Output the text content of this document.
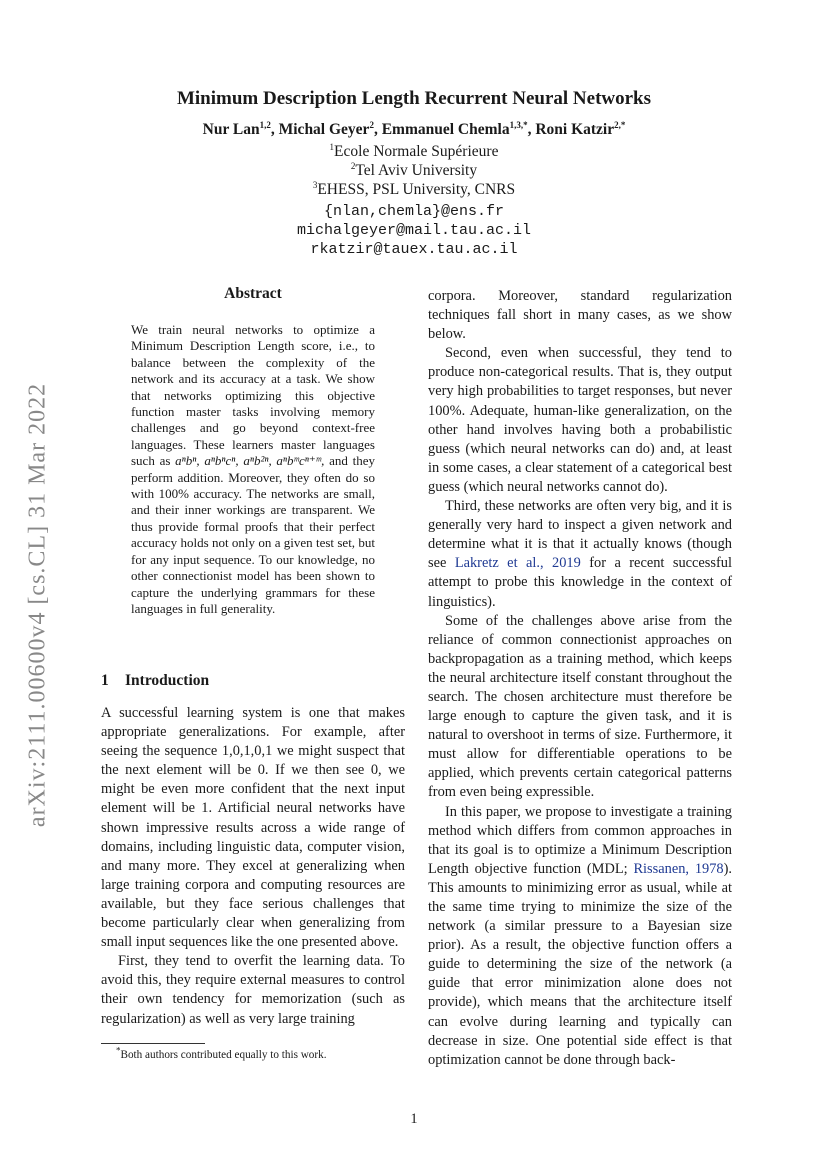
arXiv:2111.00600v4 [cs.CL] 31 Mar 2022
Minimum Description Length Recurrent Neural Networks
Nur Lan$^{1,2}$, Michal Geyer$^2$, Emmanuel Chemla$^{1,3,*}$, Roni Katzir$^{2,*}$
$^1$Ecole Normale Supérieure
$^2$Tel Aviv University
$^3$EHESS, PSL University, CNRS
{nlan,chemla}@ens.fr
michalgeyer@mail.tau.ac.il
rkatzir@tauex.tau.ac.il
Abstract
We train neural networks to optimize a Minimum Description Length score, i.e., to balance between the complexity of the network and its accuracy at a task. We show that networks optimizing this objective function master tasks involving memory challenges and go beyond context-free languages. These learners master languages such as aⁿbⁿ, aⁿbⁿcⁿ, aⁿb²ⁿ, aⁿbᵐcⁿ⁺ᵐ, and they perform addition. Moreover, they often do so with 100% accuracy. The networks are small, and their inner workings are transparent. We thus provide formal proofs that their perfect accuracy holds not only on a given test set, but for any input sequence. To our knowledge, no other connectionist model has been shown to capture the underlying grammars for these languages in full generality.
1 Introduction

A successful learning system is one that makes appropriate generalizations. For example, after seeing the sequence 1,0,1,0,1 we might suspect that the next element will be 0. If we then see 0, we might be even more confident that the next input element will be 1. Artificial neural networks have shown impressive results across a wide range of domains, including linguistic data, computer vision, and many more. They excel at generalizing when large training corpora and computing resources are available, but they face serious challenges that become particularly clear when generalizing from small input sequences like the one presented above.

First, they tend to overfit the learning data. To avoid this, they require external measures to control their own tendency for memorization (such as regularization) as well as very large training

corpora. Moreover, standard regularization techniques fall short in many cases, as we show below.

Second, even when successful, they tend to produce non-categorical results. That is, they output very high probabilities to target responses, but never 100%. Adequate, human-like generalization, on the other hand involves having both a probabilistic guess (which neural networks can do) and, at least in some cases, a clear statement of a categorical best guess (which neural networks cannot do).

Third, these networks are often very big, and it is generally very hard to inspect a given network and determine what it is that it actually knows (though see Lakretz et al., 2019 for a recent successful attempt to probe this knowledge in the context of linguistics).

Some of the challenges above arise from the reliance of common connectionist approaches on backpropagation as a training method, which keeps the neural architecture itself constant throughout the search. The chosen architecture must therefore be large enough to capture the given task, and it is natural to overshoot in terms of size. Furthermore, it must allow for differentiable operations to be applied, which prevents certain categorical patterns from even being expressible.

In this paper, we propose to investigate a training method which differs from common approaches in that its goal is to optimize a Minimum Description Length objective function (MDL; Rissanen, 1978). This amounts to minimizing error as usual, while at the same time trying to minimize the size of the network (a similar pressure to a Bayesian size prior). As a result, the objective function offers a guide to determining the size of the network (a guide that error minimization alone does not provide), which means that the architecture itself can evolve during learning and typically can decrease in size. One potential side effect is that optimization cannot be done through back-

*Both authors contributed equally to this work.
1
